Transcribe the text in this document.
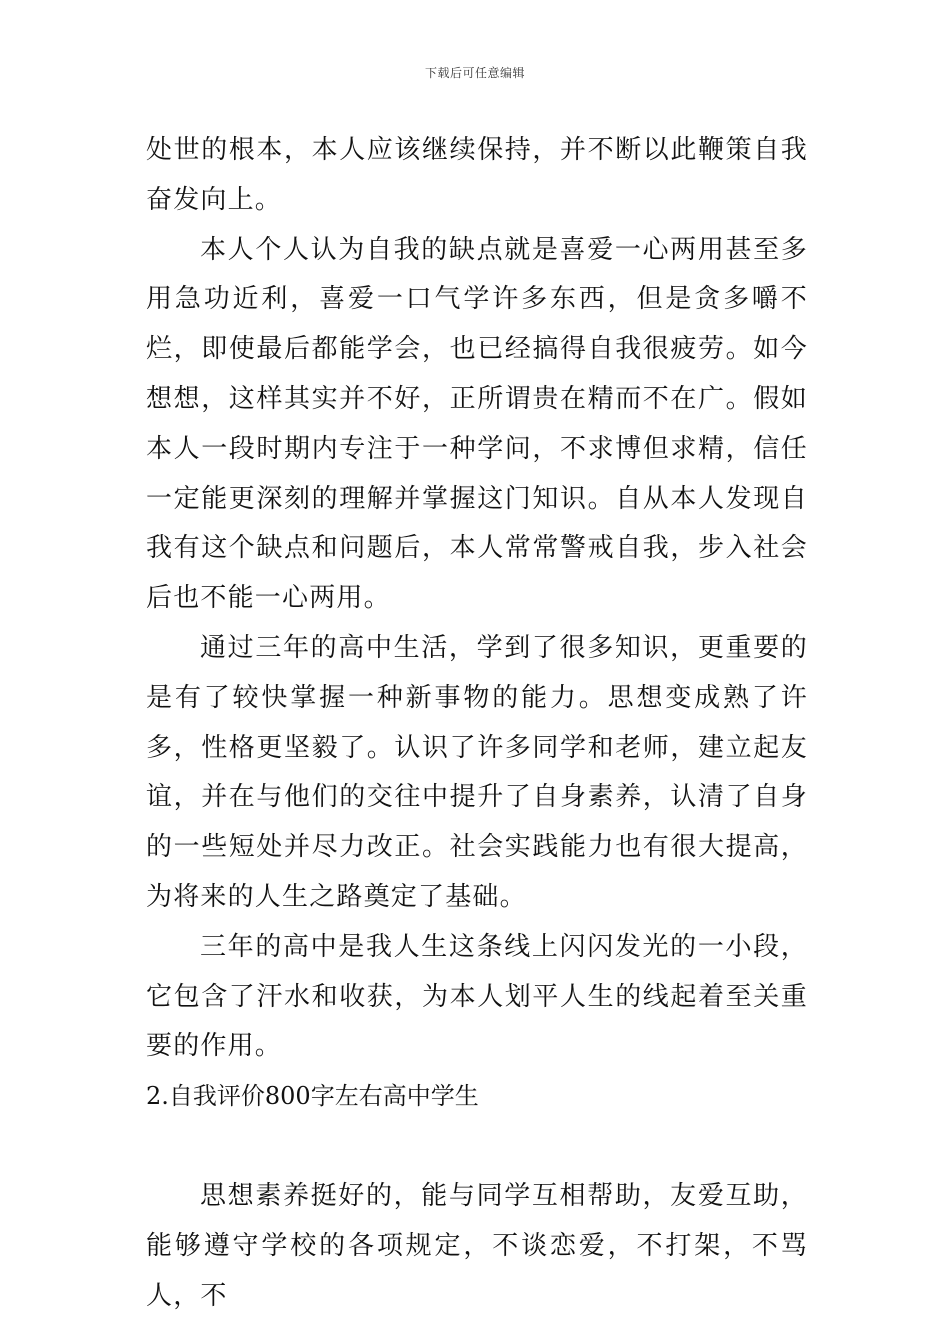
下载后可任意编辑

处世的根本，本人应该继续保持，并不断以此鞭策自我奋发向上。

本人个人认为自我的缺点就是喜爱一心两用甚至多用急功近利，喜爱一口气学许多东西，但是贪多嚼不烂，即使最后都能学会，也已经搞得自我很疲劳。如今想想，这样其实并不好，正所谓贵在精而不在广。假如本人一段时期内专注于一种学问，不求博但求精，信任一定能更深刻的理解并掌握这门知识。自从本人发现自我有这个缺点和问题后，本人常常警戒自我，步入社会后也不能一心两用。

通过三年的高中生活，学到了很多知识，更重要的是有了较快掌握一种新事物的能力。思想变成熟了许多，性格更坚毅了。认识了许多同学和老师，建立起友谊，并在与他们的交往中提升了自身素养，认清了自身的一些短处并尽力改正。社会实践能力也有很大提高，为将来的人生之路奠定了基础。

三年的高中是我人生这条线上闪闪发光的一小段，它包含了汗水和收获，为本人划平人生的线起着至关重要的作用。

2.自我评价800字左右高中学生

思想素养挺好的，能与同学互相帮助，友爱互助，能够遵守学校的各项规定，不谈恋爱，不打架，不骂人，不
